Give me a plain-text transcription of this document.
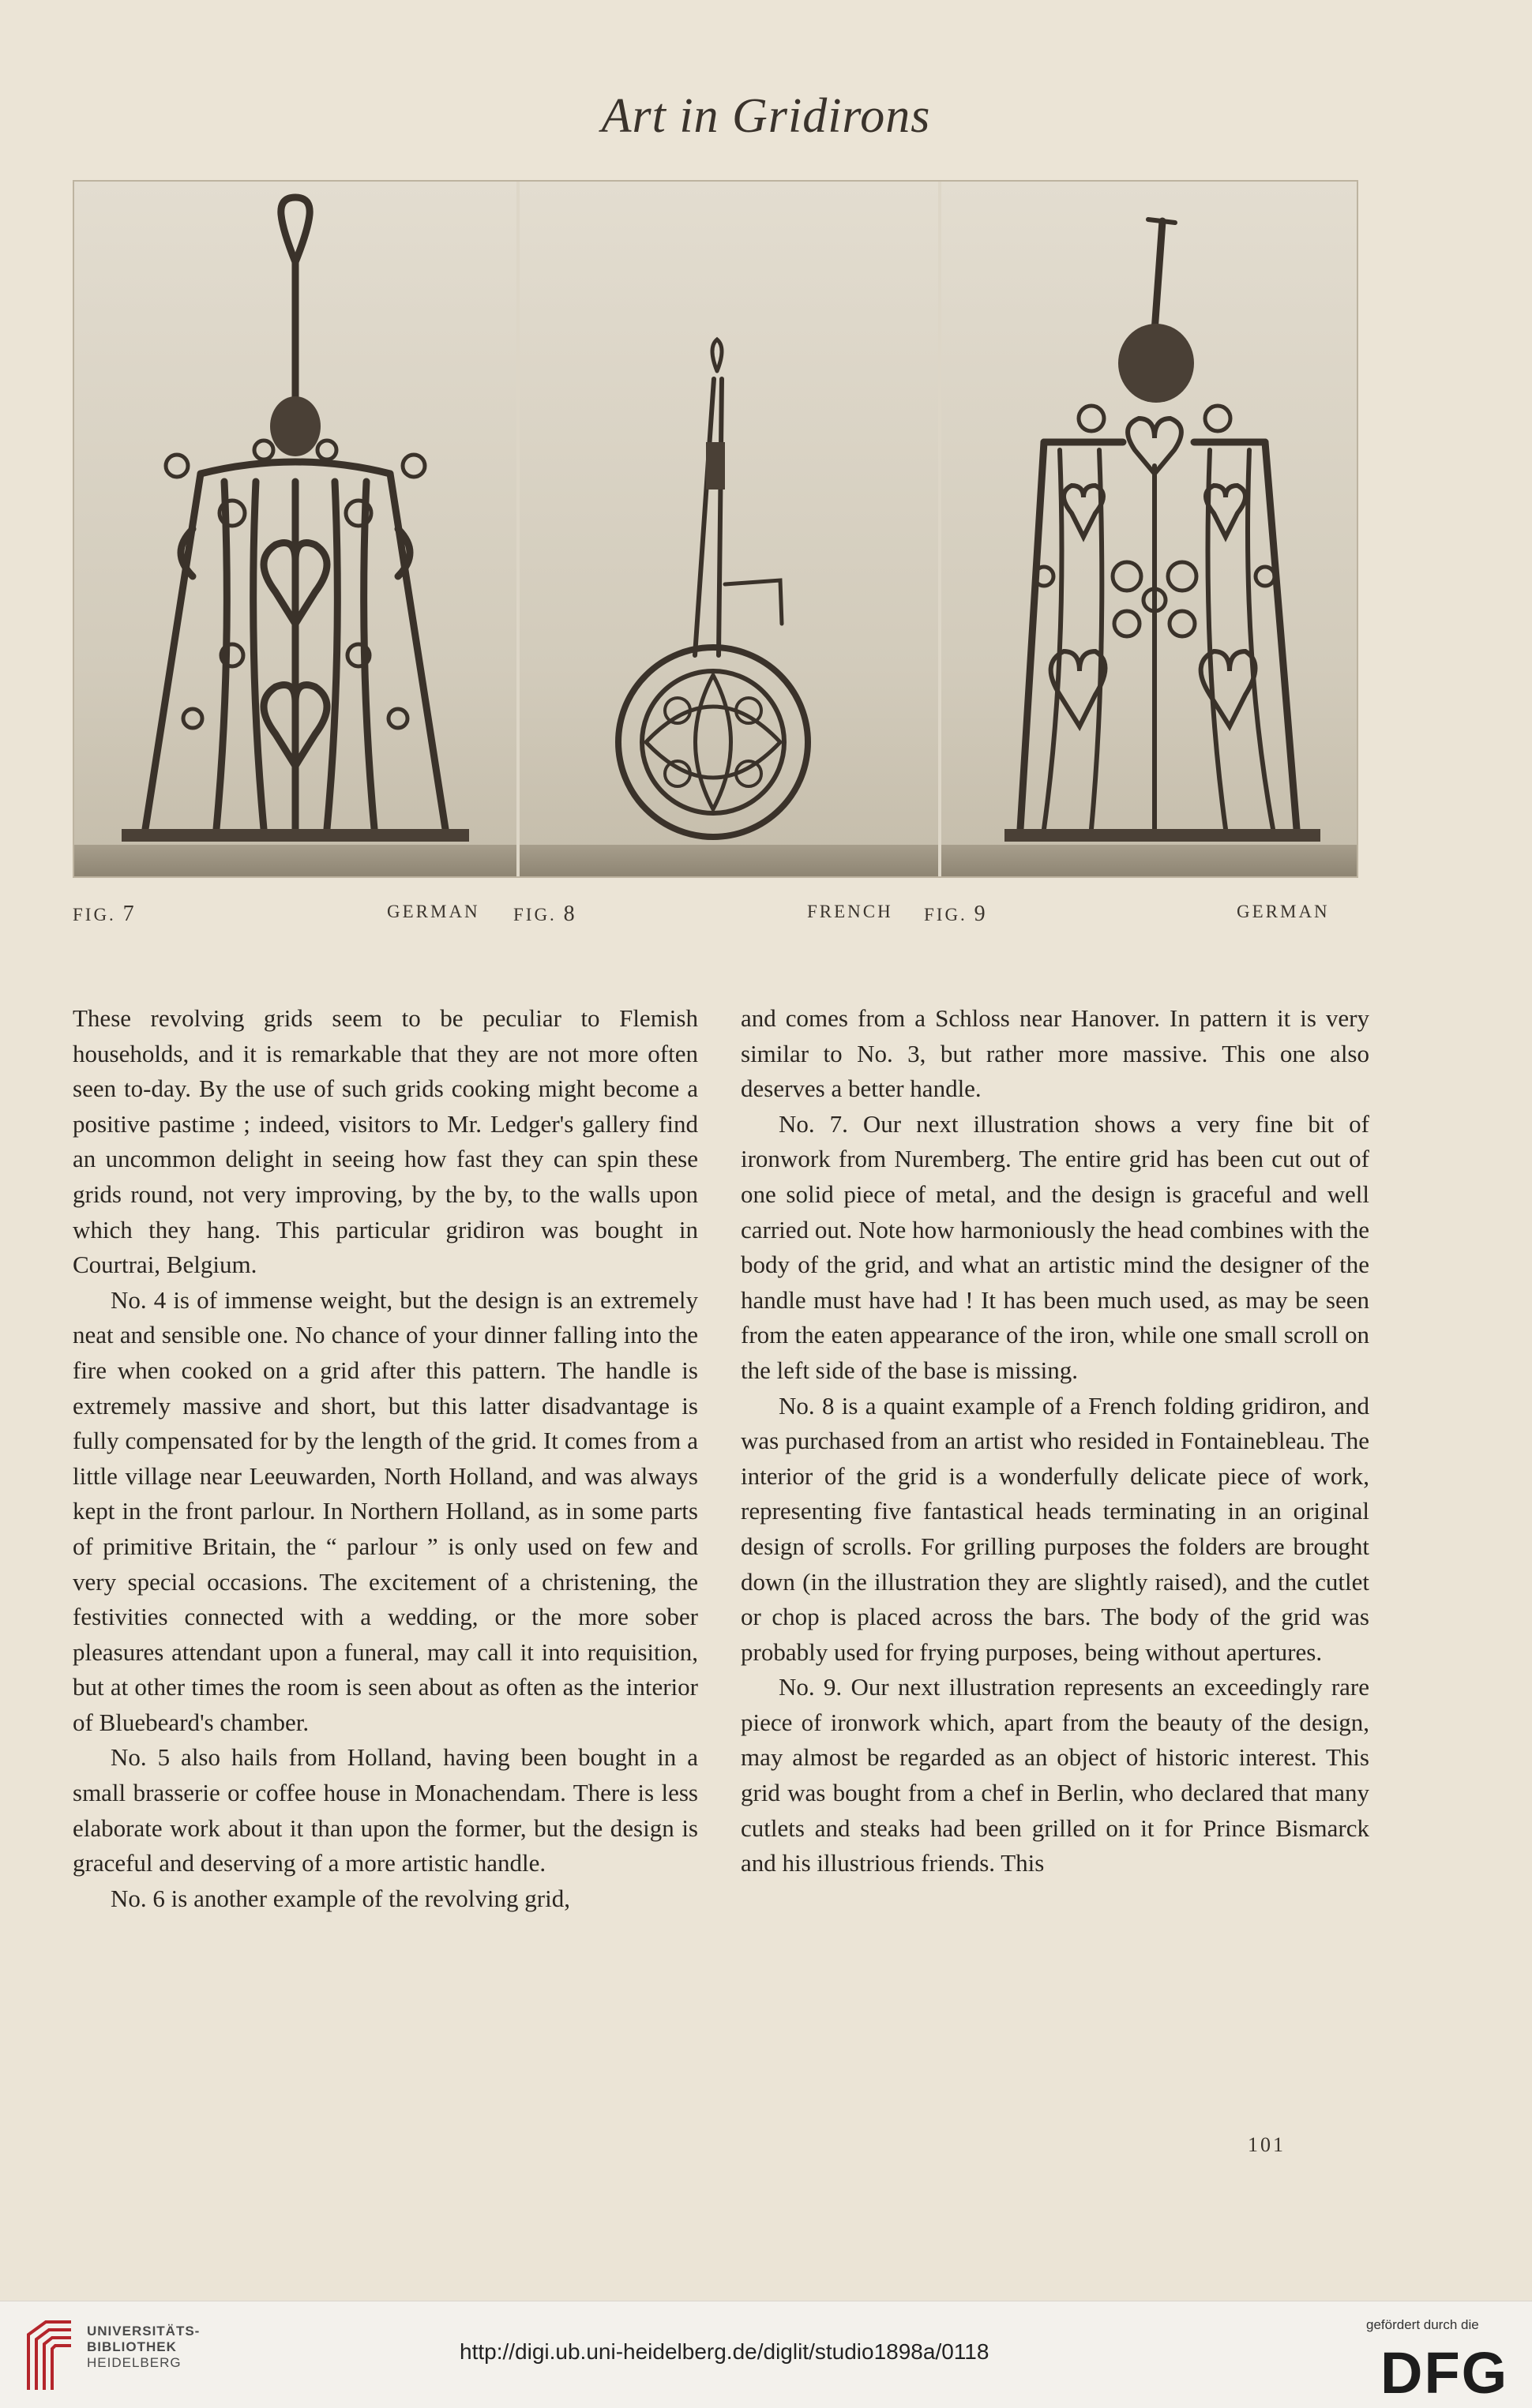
Art in Gridirons
FIG. 7	GERMAN FIG. 8	FRENCH FIG. 9	GERMAN

These revolving grids seem to be peculiar to Flemish households, and it is remarkable that they are not more often seen to-day. By the use of such grids cooking might become a positive pastime ; indeed, visitors to Mr. Ledger's gallery find an uncommon delight in seeing how fast they can spin these grids round, not very improving, by the by, to the walls upon which they hang. This particular gridiron was bought in Courtrai, Belgium.

No. 4 is of immense weight, but the design is an extremely neat and sensible one. No chance of your dinner falling into the fire when cooked on a grid after this pattern. The handle is extremely massive and short, but this latter disadvantage is fully compensated for by the length of the grid. It comes from a little village near Leeuwarden, North Holland, and was always kept in the front parlour. In Northern Holland, as in some parts of primitive Britain, the “ parlour ” is only used on few and very special occasions. The excitement of a christening, the festivities connected with a wedding, or the more sober pleasures attendant upon a funeral, may call it into requisition, but at other times the room is seen about as often as the interior of Bluebeard's chamber.

No. 5 also hails from Holland, having been bought in a small brasserie or coffee house in Monachendam. There is less elaborate work about it than upon the former, but the design is graceful and deserving of a more artistic handle.

No. 6 is another example of the revolving grid,

and comes from a Schloss near Hanover. In pattern it is very similar to No. 3, but rather more massive. This one also deserves a better handle.

No. 7. Our next illustration shows a very fine bit of ironwork from Nuremberg. The entire grid has been cut out of one solid piece of metal, and the design is graceful and well carried out. Note how harmoniously the head combines with the body of the grid, and what an artistic mind the designer of the handle must have had ! It has been much used, as may be seen from the eaten appearance of the iron, while one small scroll on the left side of the base is missing.

No. 8 is a quaint example of a French folding gridiron, and was purchased from an artist who resided in Fontainebleau. The interior of the grid is a wonderfully delicate piece of work, representing five fantastical heads terminating in an original design of scrolls. For grilling purposes the folders are brought down (in the illustration they are slightly raised), and the cutlet or chop is placed across the bars. The body of the grid was probably used for frying purposes, being without apertures.

No. 9. Our next illustration represents an exceedingly rare piece of ironwork which, apart from the beauty of the design, may almost be regarded as an object of historic interest. This grid was bought from a chef in Berlin, who declared that many cutlets and steaks had been grilled on it for Prince Bismarck and his illustrious friends. This

101
UNIVERSITÄTS-
BIBLIOTHEK
HEIDELBERG	http://digi.ub.uni-heidelberg.de/diglit/studio1898a/0118
gefördert durch die
DFG
